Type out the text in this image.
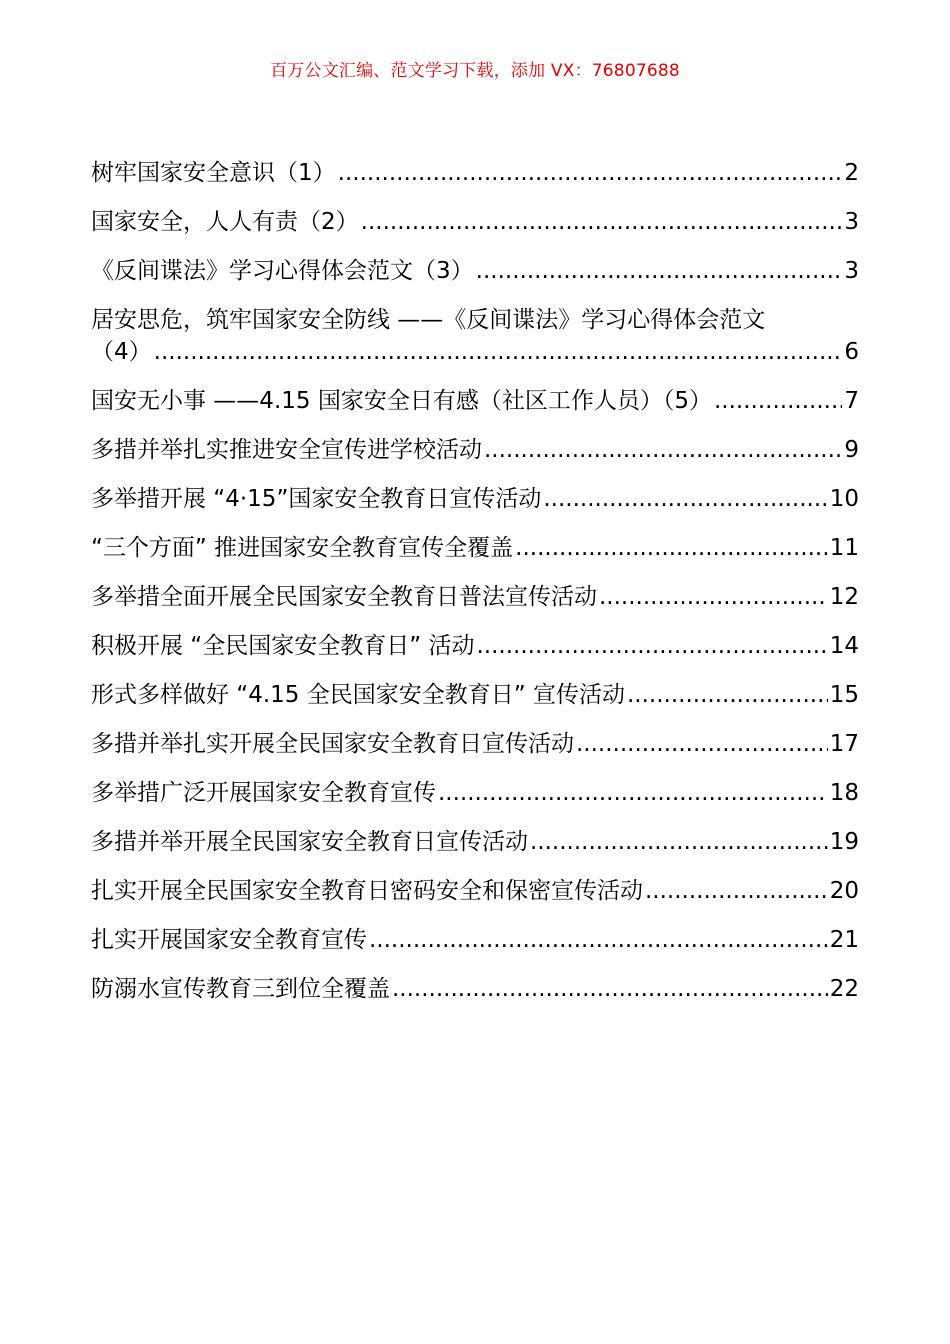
百万公文汇编、范文学习下载，添加 VX：76807688
树牢国家安全意识（1） .....	2
国家安全，人人有责（2） .....	3
《反间谍法》学习心得体会范文（3） .....	3
居安思危，筑牢国家安全防线 ——《反间谍法》学习心得体会范文
（4） .....	6
国安无小事 ——4.15 国家安全日有感（社区工作人员）（5） .....	7
多措并举扎实推进安全宣传进学校活动 .....	9
多举措开展 “4·15”国家安全教育日宣传活动 .....	10
“三个方面” 推进国家安全教育宣传全覆盖 .....	11
多举措全面开展全民国家安全教育日普法宣传活动 .....	12
积极开展 “全民国家安全教育日” 活动 .....	14
形式多样做好 “4.15 全民国家安全教育日” 宣传活动 .....	15
多措并举扎实开展全民国家安全教育日宣传活动 .....	17
多举措广泛开展国家安全教育宣传 .....	18
多措并举开展全民国家安全教育日宣传活动 .....	19
扎实开展全民国家安全教育日密码安全和保密宣传活动 .....	20
扎实开展国家安全教育宣传 .....	21
防溺水宣传教育三到位全覆盖 .....	22
